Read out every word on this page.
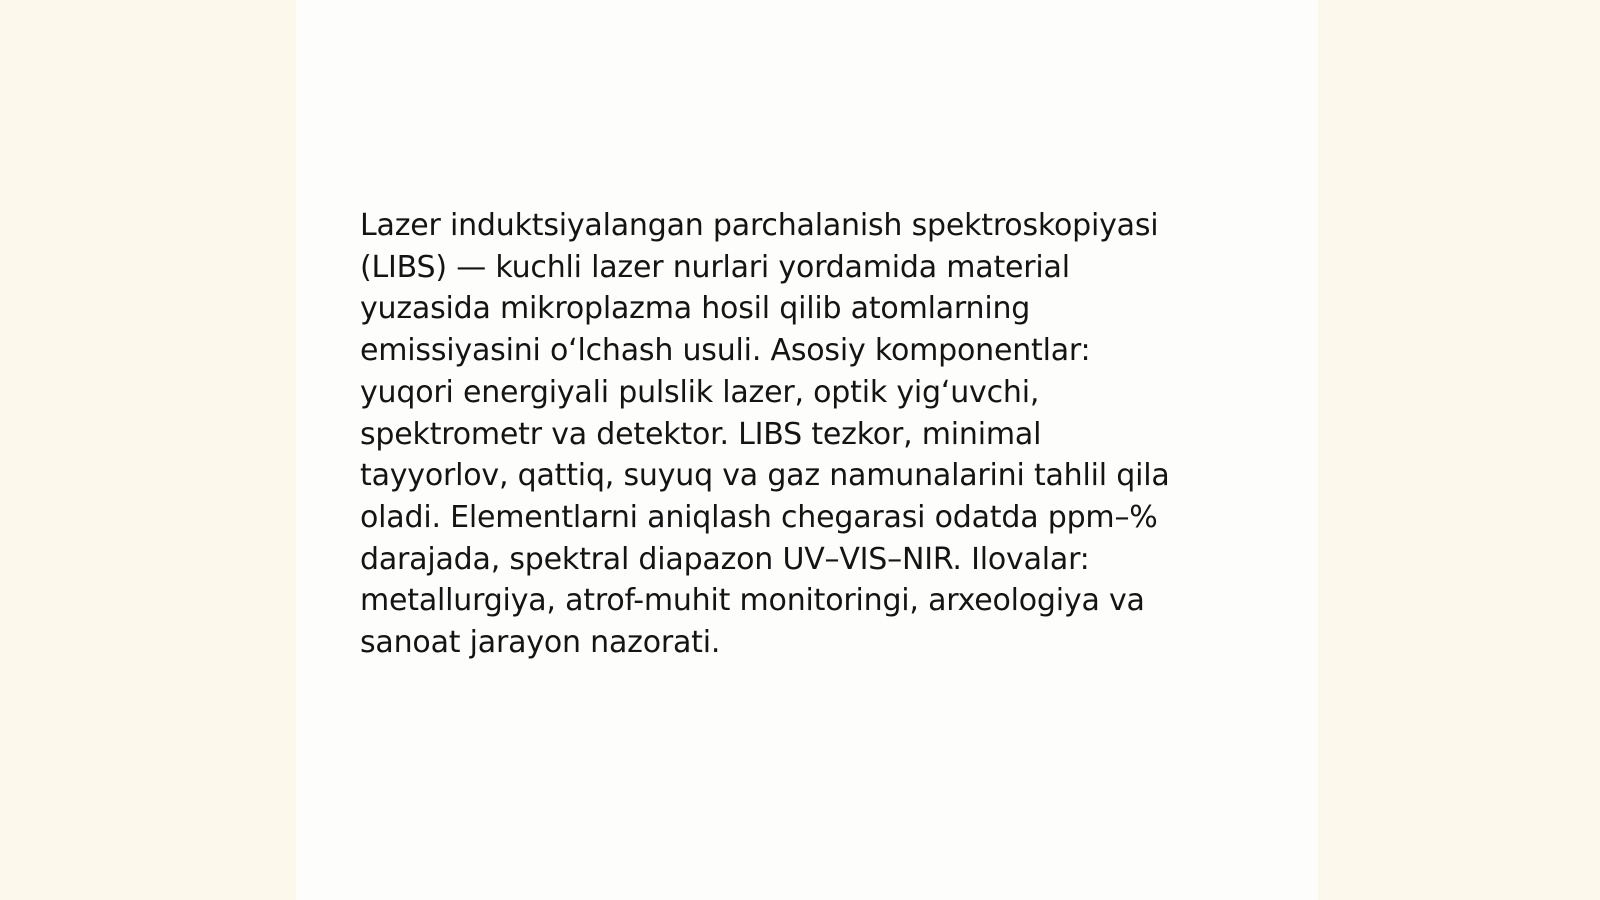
Lazer induktsiyalangan parchalanish spektroskopiyasi
(LIBS) — kuchli lazer nurlari yordamida material
yuzasida mikroplazma hosil qilib atomlarning
emissiyasini o‘lchash usuli. Asosiy komponentlar:
yuqori energiyali pulslik lazer, optik yig‘uvchi,
spektrometr va detektor. LIBS tezkor, minimal
tayyorlov, qattiq, suyuq va gaz namunalarini tahlil qila
oladi. Elementlarni aniqlash chegarasi odatda ppm–%
darajada, spektral diapazon UV–VIS–NIR. Ilovalar:
metallurgiya, atrof-muhit monitoringi, arxeologiya va
sanoat jarayon nazorati.
